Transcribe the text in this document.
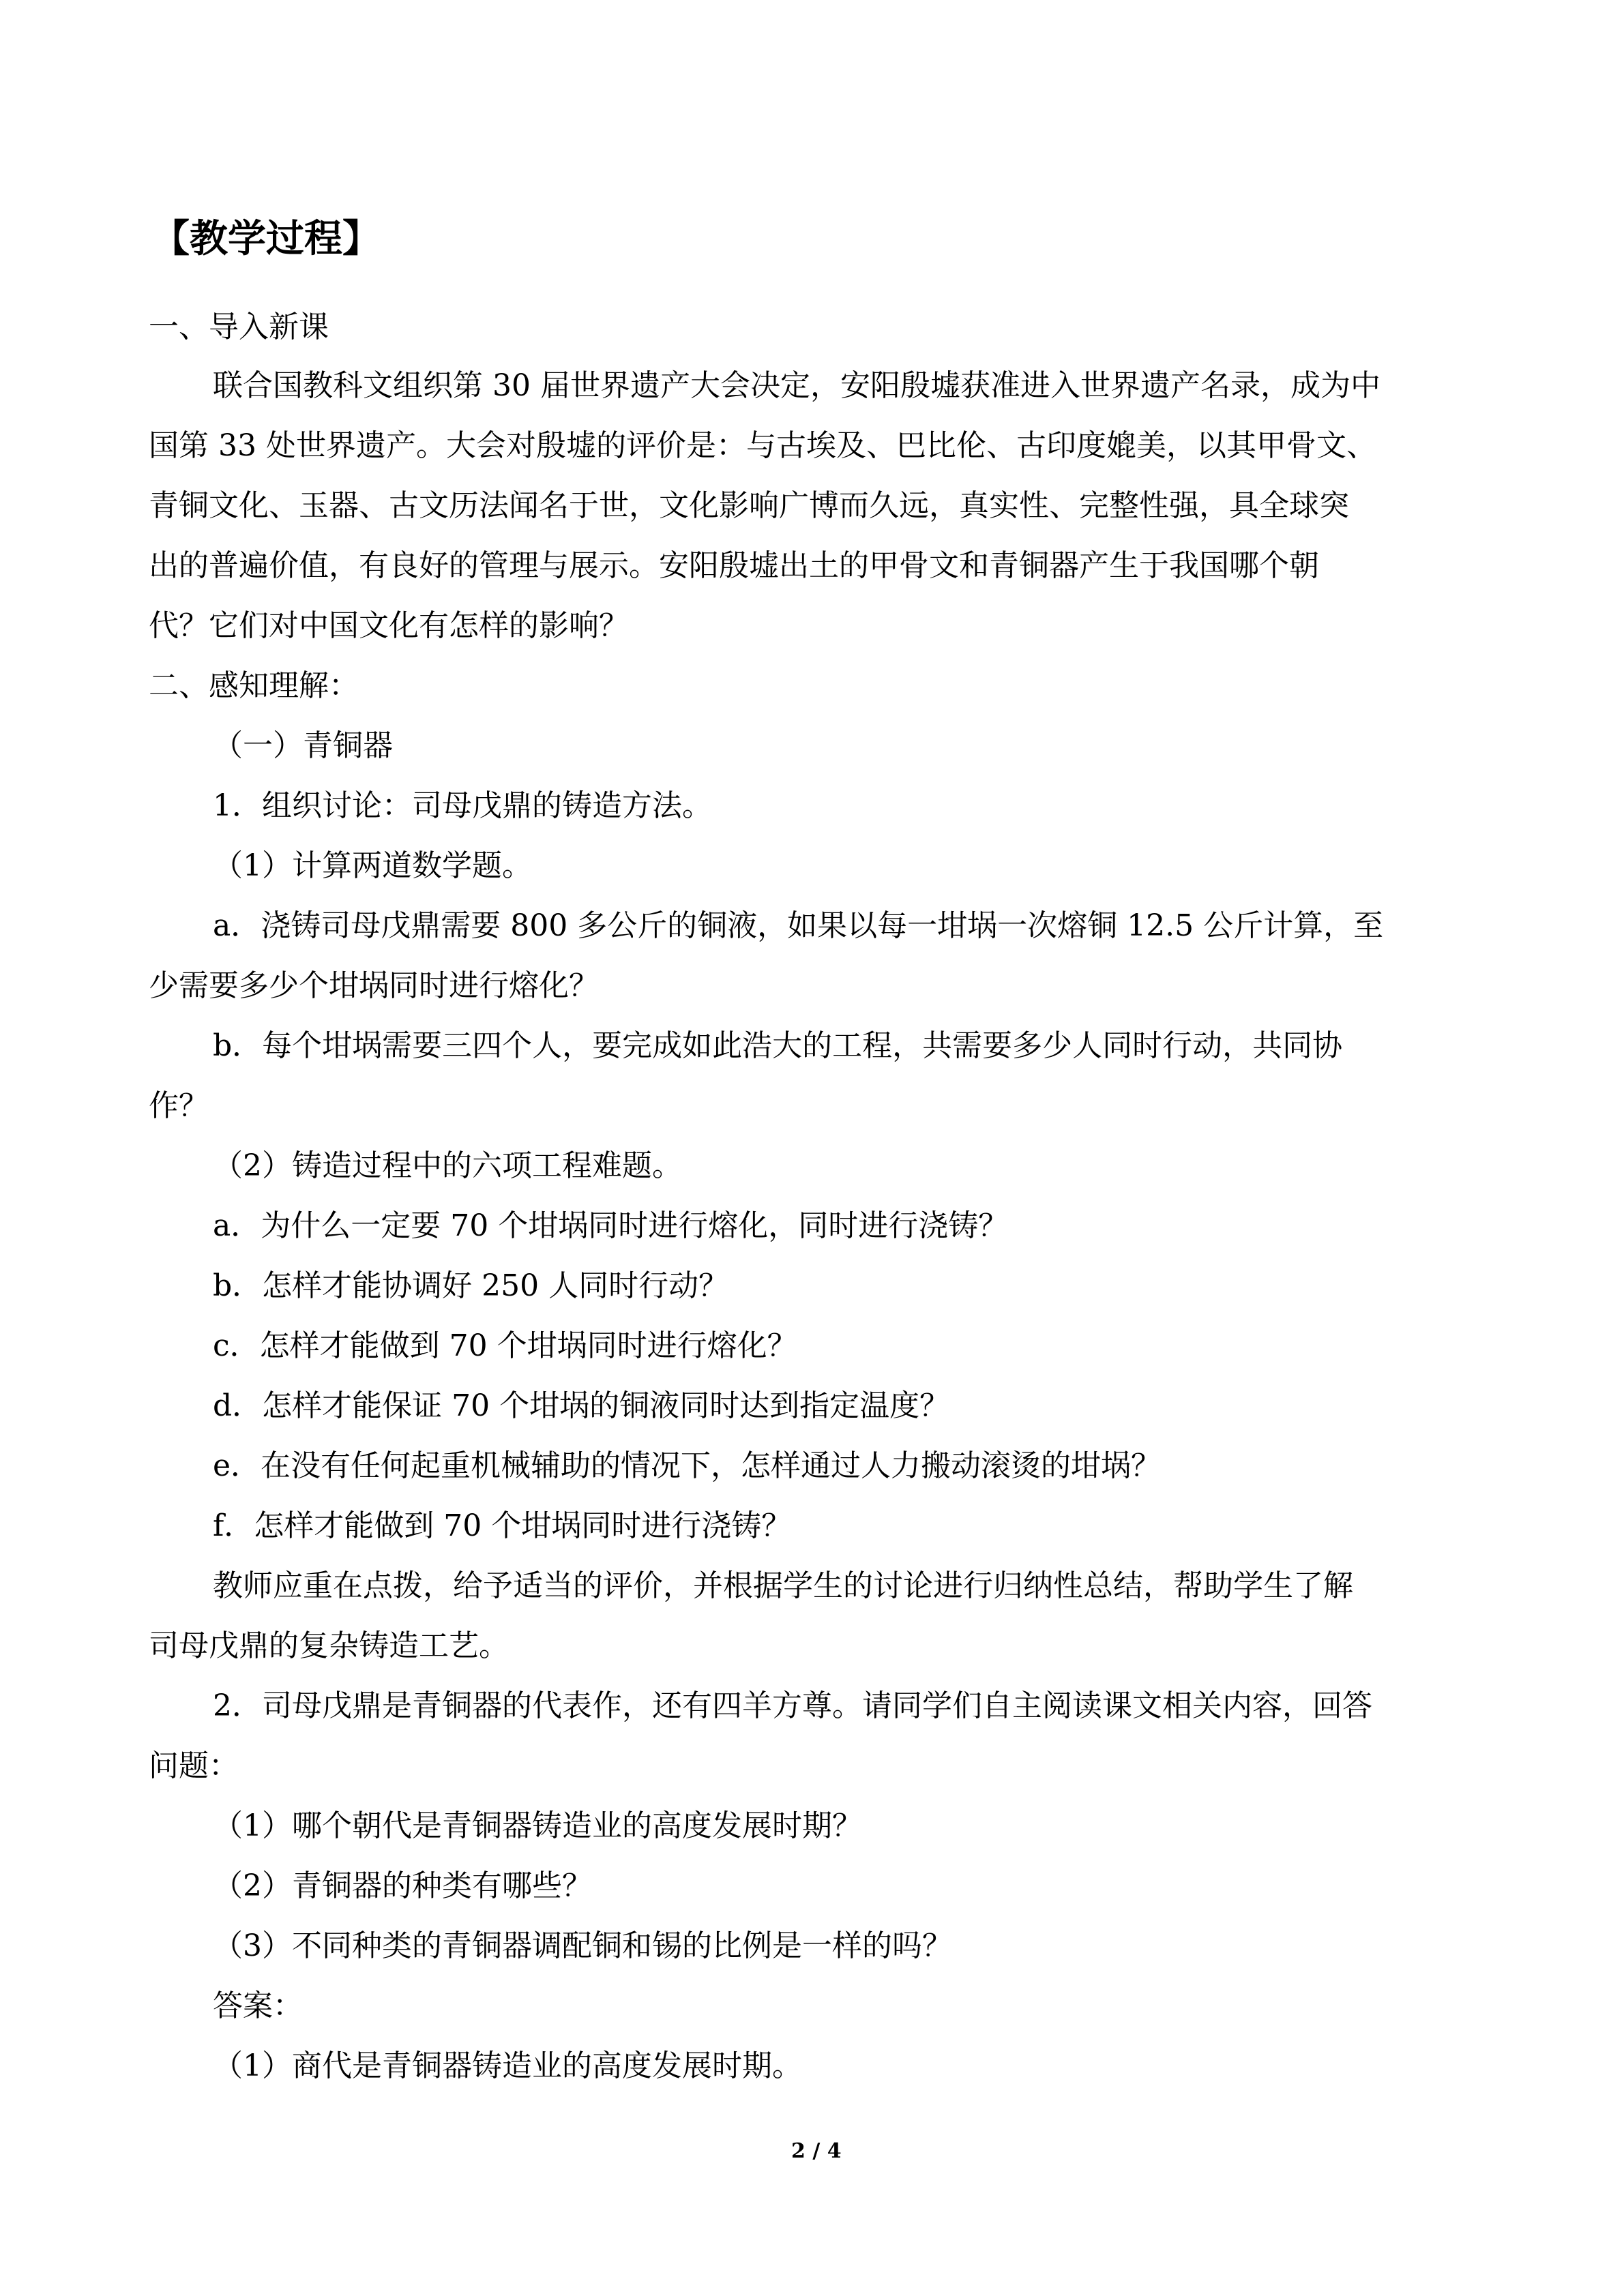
【教学过程】
一、导入新课
联合国教科文组织第 30 届世界遗产大会决定，安阳殷墟获准进入世界遗产名录，成为中
国第 33 处世界遗产。大会对殷墟的评价是：与古埃及、巴比伦、古印度媲美，以其甲骨文、
青铜文化、玉器、古文历法闻名于世，文化影响广博而久远，真实性、完整性强，具全球突
出的普遍价值，有良好的管理与展示。安阳殷墟出土的甲骨文和青铜器产生于我国哪个朝
代？它们对中国文化有怎样的影响？
二、感知理解：
（一）青铜器
1．组织讨论：司母戊鼎的铸造方法。
（1）计算两道数学题。
a．浇铸司母戊鼎需要 800 多公斤的铜液，如果以每一坩埚一次熔铜 12.5 公斤计算，至
少需要多少个坩埚同时进行熔化？
b．每个坩埚需要三四个人，要完成如此浩大的工程，共需要多少人同时行动，共同协
作？
（2）铸造过程中的六项工程难题。
a．为什么一定要 70 个坩埚同时进行熔化，同时进行浇铸？
b．怎样才能协调好 250 人同时行动？
c．怎样才能做到 70 个坩埚同时进行熔化？
d．怎样才能保证 70 个坩埚的铜液同时达到指定温度？
e．在没有任何起重机械辅助的情况下，怎样通过人力搬动滚烫的坩埚？
f．怎样才能做到 70 个坩埚同时进行浇铸？
教师应重在点拨，给予适当的评价，并根据学生的讨论进行归纳性总结，帮助学生了解
司母戊鼎的复杂铸造工艺。
2．司母戊鼎是青铜器的代表作，还有四羊方尊。请同学们自主阅读课文相关内容，回答
问题：
（1）哪个朝代是青铜器铸造业的高度发展时期？
（2）青铜器的种类有哪些？
（3）不同种类的青铜器调配铜和锡的比例是一样的吗？
答案：
（1）商代是青铜器铸造业的高度发展时期。
2 / 4
